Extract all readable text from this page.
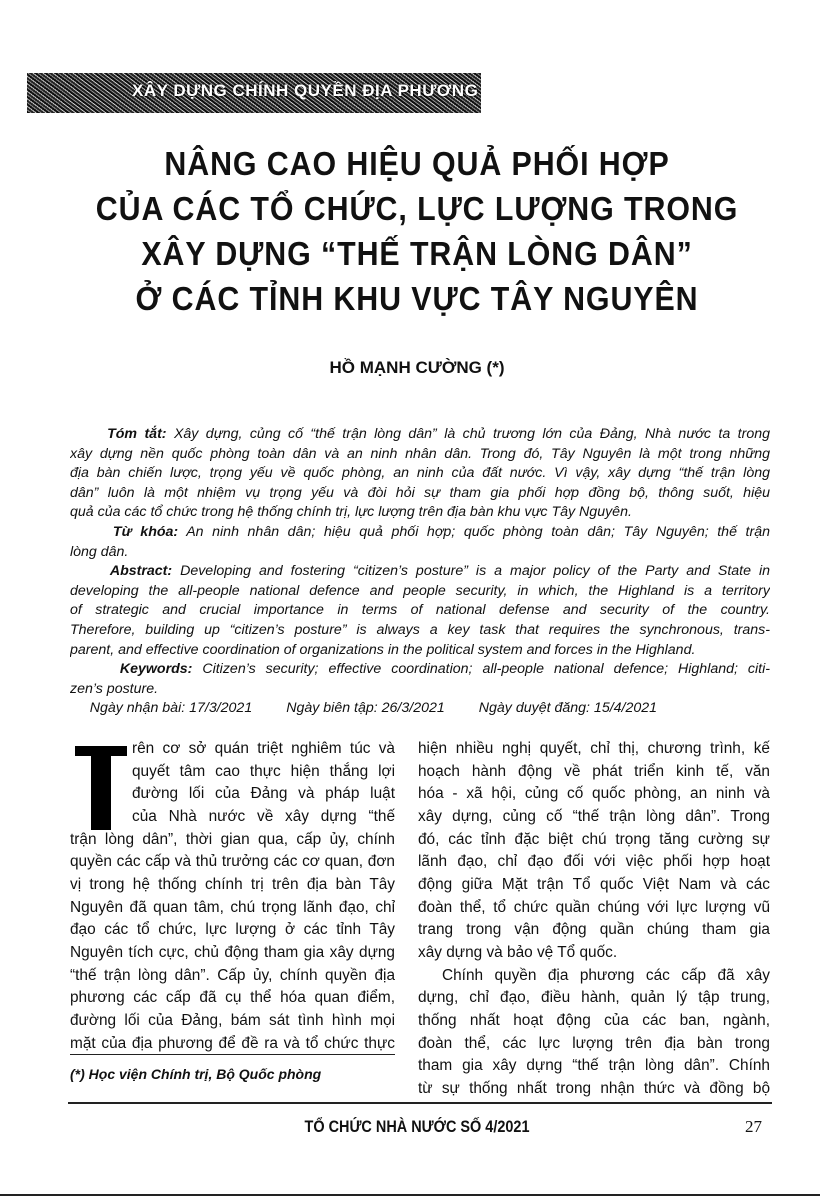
XÂY DỰNG CHÍNH QUYỀN ĐỊA PHƯƠNG
NÂNG CAO HIỆU QUẢ PHỐI HỢP
CỦA CÁC TỔ CHỨC, LỰC LƯỢNG TRONG
XÂY DỰNG “THẾ TRẬN LÒNG DÂN”
Ở CÁC TỈNH KHU VỰC TÂY NGUYÊN
HỒ MẠNH CƯỜNG (*)
Tóm tắt: Xây dựng, củng cố “thế trận lòng dân” là chủ trương lớn của Đảng, Nhà nước ta trong
xây dựng nền quốc phòng toàn dân và an ninh nhân dân. Trong đó, Tây Nguyên là một trong những
địa bàn chiến lược, trọng yếu về quốc phòng, an ninh của đất nước. Vì vậy, xây dựng “thế trận lòng
dân” luôn là một nhiệm vụ trọng yếu và đòi hỏi sự tham gia phối hợp đồng bộ, thông suốt, hiệu
quả của các tổ chức trong hệ thống chính trị, lực lượng trên địa bàn khu vực Tây Nguyên.
Từ khóa: An ninh nhân dân; hiệu quả phối hợp; quốc phòng toàn dân; Tây Nguyên; thế trận
lòng dân.
Abstract: Developing and fostering “citizen’s posture” is a major policy of the Party and State in
developing the all-people national defence and people security, in which, the Highland is a territory
of strategic and crucial importance in terms of national defense and security of the country.
Therefore, building up “citizen’s posture” is always a key task that requires the synchronous, trans-
parent, and effective coordination of organizations in the political system and forces in the Highland.
Keywords: Citizen’s security; effective coordination; all-people national defence; Highland; citi-
zen’s posture.
Ngày nhận bài: 17/3/2021 Ngày biên tập: 26/3/2021 Ngày duyệt đăng: 15/4/2021
rên cơ sở quán triệt nghiêm túc và
quyết tâm cao thực hiện thắng lợi
đường lối của Đảng và pháp luật
của Nhà nước về xây dựng “thế
trận lòng dân”, thời gian qua, cấp ủy, chính
quyền các cấp và thủ trưởng các cơ quan, đơn
vị trong hệ thống chính trị trên địa bàn Tây
Nguyên đã quan tâm, chú trọng lãnh đạo, chỉ
đạo các tổ chức, lực lượng ở các tỉnh Tây
Nguyên tích cực, chủ động tham gia xây dựng
“thế trận lòng dân”. Cấp ủy, chính quyền địa
phương các cấp đã cụ thể hóa quan điểm,
đường lối của Đảng, bám sát tình hình mọi
mặt của địa phương để đề ra và tổ chức thực
hiện nhiều nghị quyết, chỉ thị, chương trình, kế
hoạch hành động về phát triển kinh tế, văn
hóa - xã hội, củng cố quốc phòng, an ninh và
xây dựng, củng cố “thế trận lòng dân”. Trong
đó, các tỉnh đặc biệt chú trọng tăng cường sự
lãnh đạo, chỉ đạo đối với việc phối hợp hoạt
động giữa Mặt trận Tổ quốc Việt Nam và các
đoàn thể, tổ chức quần chúng với lực lượng vũ
trang trong vận động quần chúng tham gia
xây dựng và bảo vệ Tổ quốc.
Chính quyền địa phương các cấp đã xây
dựng, chỉ đạo, điều hành, quản lý tập trung,
thống nhất hoạt động của các ban, ngành,
đoàn thể, các lực lượng trên địa bàn trong
tham gia xây dựng “thế trận lòng dân”. Chính
từ sự thống nhất trong nhận thức và đồng bộ
(*) Học viện Chính trị, Bộ Quốc phòng
TỔ CHỨC NHÀ NƯỚC SỐ 4/2021	27
